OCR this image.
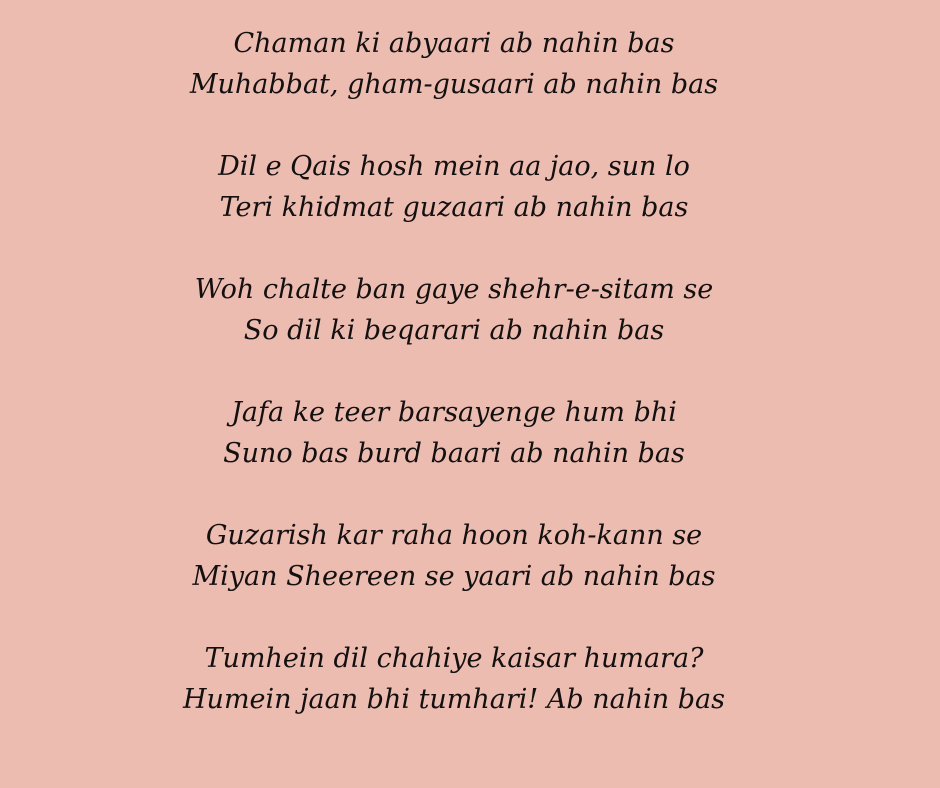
Chaman ki abyaari ab nahin bas
Muhabbat, gham-gusaari ab nahin bas
Dil e Qais hosh mein aa jao, sun lo
Teri khidmat guzaari ab nahin bas
Woh chalte ban gaye shehr-e-sitam se
So dil ki beqarari ab nahin bas
Jafa ke teer barsayenge hum bhi
Suno bas burd baari ab nahin bas
Guzarish kar raha hoon koh-kann se
Miyan Sheereen se yaari ab nahin bas
Tumhein dil chahiye kaisar humara?
Humein jaan bhi tumhari! Ab nahin bas
